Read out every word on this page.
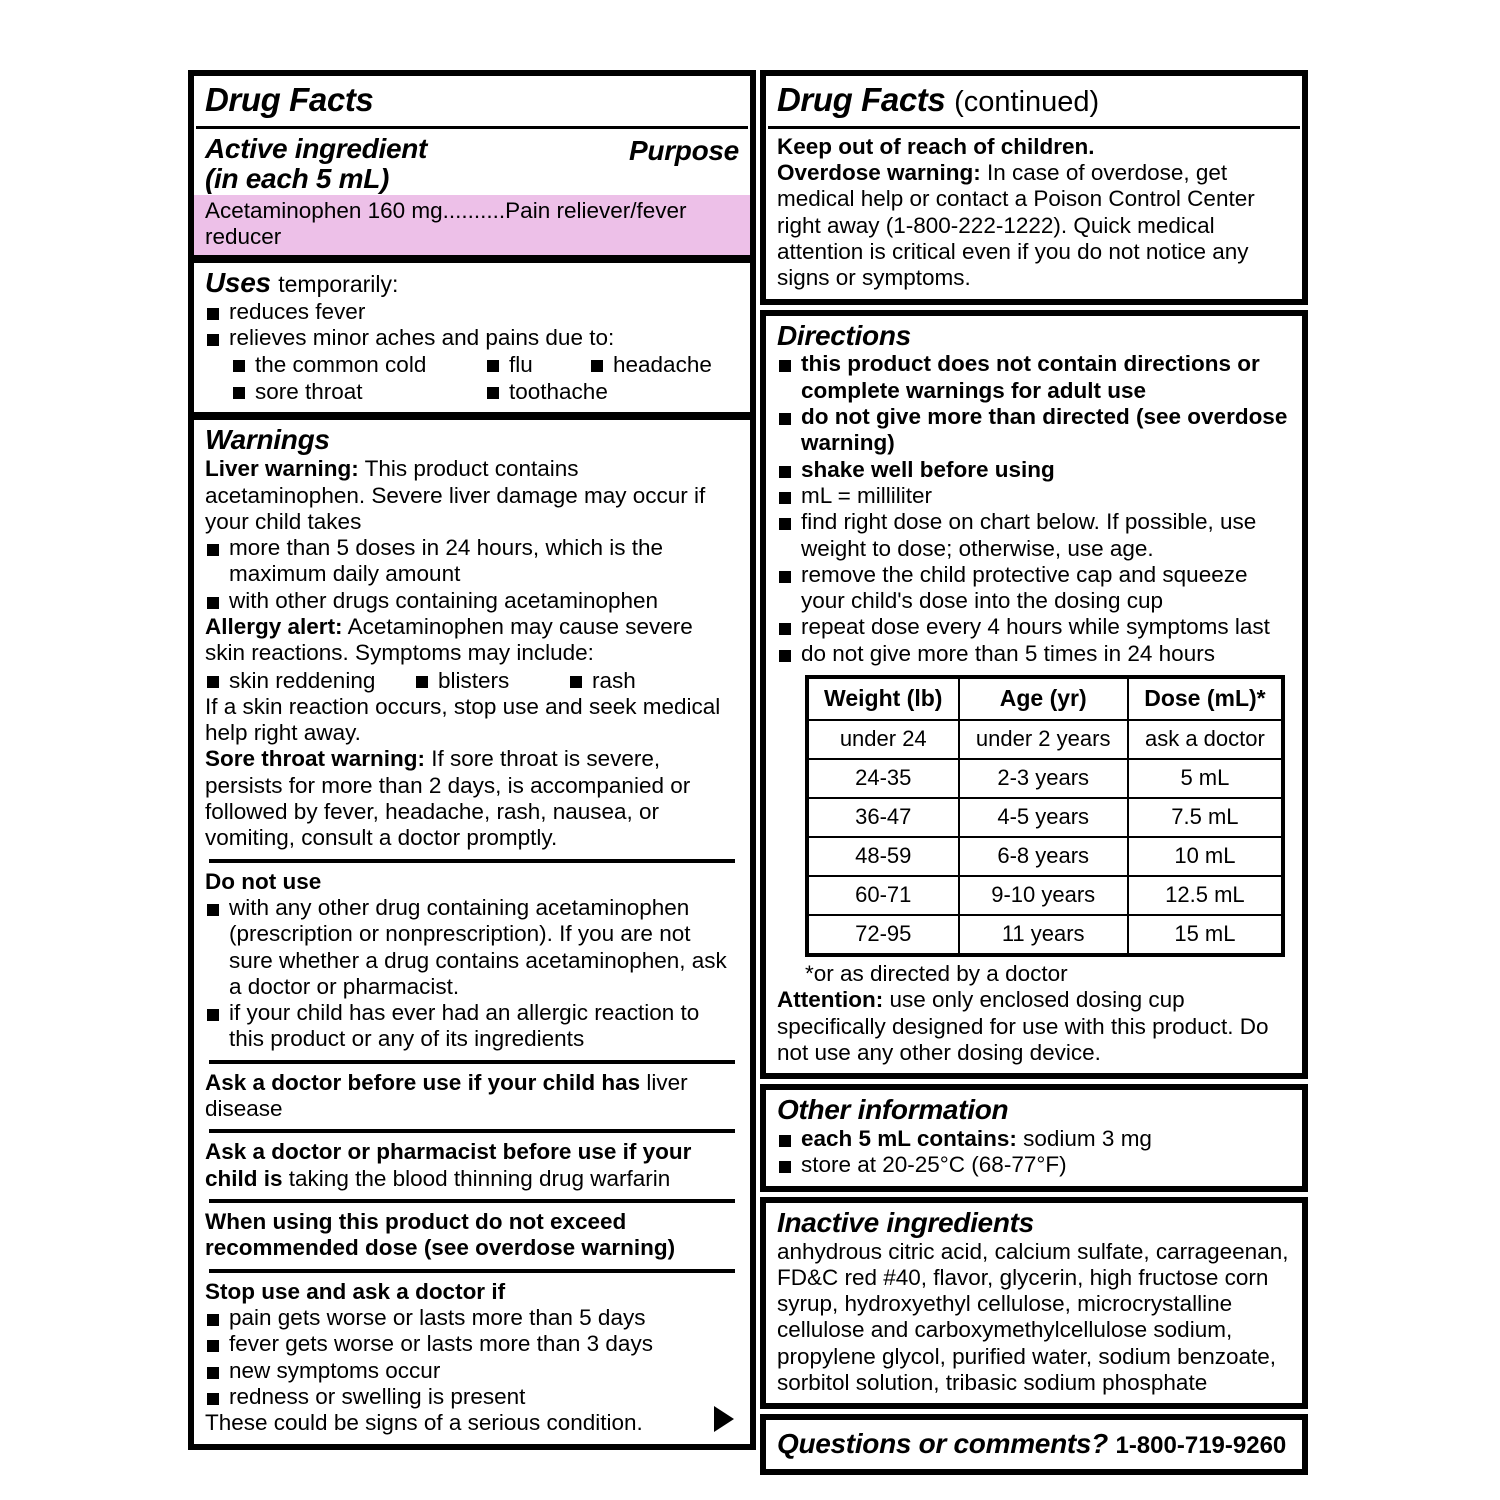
Drug Facts
Active ingredient
(in each 5 mL)
Purpose
Acetaminophen 160 mg..........Pain reliever/fever reducer
Uses temporarily:
reduces fever
relieves minor aches and pains due to:
the common cold	flu	headache
sore throat	toothache
Warnings
Liver warning: This product contains acetaminophen. Severe liver damage may occur if your child takes
more than 5 doses in 24 hours, which is the maximum daily amount
with other drugs containing acetaminophen
Allergy alert: Acetaminophen may cause severe skin reactions. Symptoms may include:
skin reddening	blisters	rash
If a skin reaction occurs, stop use and seek medical help right away.
Sore throat warning: If sore throat is severe, persists for more than 2 days, is accompanied or followed by fever, headache, rash, nausea, or vomiting, consult a doctor promptly.
Do not use
with any other drug containing acetaminophen (prescription or nonprescription). If you are not sure whether a drug contains acetaminophen, ask a doctor or pharmacist.
if your child has ever had an allergic reaction to this product or any of its ingredients
Ask a doctor before use if your child has liver disease
Ask a doctor or pharmacist before use if your child is taking the blood thinning drug warfarin
When using this product do not exceed recommended dose (see overdose warning)
Stop use and ask a doctor if
pain gets worse or lasts more than 5 days
fever gets worse or lasts more than 3 days
new symptoms occur
redness or swelling is present
These could be signs of a serious condition.
Drug Facts (continued)
Keep out of reach of children.
Overdose warning: In case of overdose, get medical help or contact a Poison Control Center right away (1-800-222-1222). Quick medical attention is critical even if you do not notice any signs or symptoms.
Directions
this product does not contain directions or complete warnings for adult use
do not give more than directed (see overdose warning)
shake well before using
mL = milliliter
find right dose on chart below. If possible, use weight to dose; otherwise, use age.
remove the child protective cap and squeeze your child's dose into the dosing cup
repeat dose every 4 hours while symptoms last
do not give more than 5 times in 24 hours
Weight (lb)	Age (yr)	Dose (mL)*
under 24	under 2 years	ask a doctor
24-35	2-3 years	5 mL
36-47	4-5 years	7.5 mL
48-59	6-8 years	10 mL
60-71	9-10 years	12.5 mL
72-95	11 years	15 mL
*or as directed by a doctor
Attention: use only enclosed dosing cup specifically designed for use with this product. Do not use any other dosing device.
Other information
each 5 mL contains: sodium 3 mg
store at 20-25°C (68-77°F)
Inactive ingredients
anhydrous citric acid, calcium sulfate, carrageenan, FD&C red #40, flavor, glycerin, high fructose corn syrup, hydroxyethyl cellulose, microcrystalline cellulose and carboxymethylcellulose sodium, propylene glycol, purified water, sodium benzoate, sorbitol solution, tribasic sodium phosphate
Questions or comments? 1-800-719-9260
